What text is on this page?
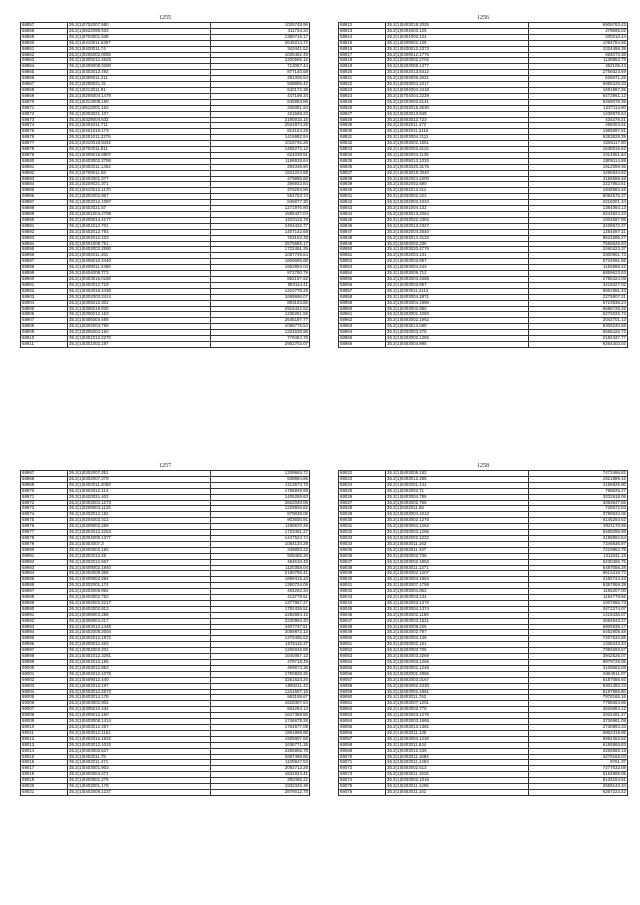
1255
68857	35.2(1)0702007.580	1025748.96
68858	35.2(1)0622099.533	411734.34
68859	35.2(1)0703001.538	1380716.17
68860	35.2(1)0410011.5367	2645214.72
68861	35.2(1)0420011.74	343441.52
68862	35.2(1)0206002.0086	1025492.49
68863	35.2(1)0309212.4625	2200696.16
68864	35.2(1)0409008.0280	713087.44
68865	35.2(1)0302013.492	877140.58
68866	35.2(1)0306011.211	281306.64
68867	35.2(1)0208021.31	938896.42
68868	35.2(1)0213011.91	640172.38
68869	35.2(1)0206004.1479	447199.34
68870	35.2(1)0312009.165	645994.86
68871	35.2(1)0612001.162	346391.94
68872	35.2(1)0303021.107	421668.23
68873	35.2(1)0329004.632	2190016.15
68874	35.2(1)0404011.711	2824874.29
68875	35.2(1)0401019.173	814154.29
68876	35.2(1)0201011.3276	1416682.94
68877	35.2(1)0410019.9442	1018745.25
68878	35.2(1)0702011.911	1455272.12
68879	35.2(1)0309015.6807	624338.91
68880	35.2(1)0403002.2786	1168628.64
68881	35.2(1)0402011.1452	294348.90
68882	35.2(1)0709011.68	1841224.69
68883	35.2(1)0402001.377	479896.86
68884	35.2(1)0209021.371	296932.84
68885	35.2(1)0410012.1170	376294.96
68886	35.2(1)0302002.967	554753.74
68887	35.2(1)0302012.1087	845977.30
68888	35.2(1)0403021.57	1271976.80
68889	35.2(1)0301004.2799	1585427.04
68890	35.2(1)0409014.4177	1020118.78
68891	35.2(1)0401012.701	2404422.77
68892	35.2(1)0402012.793	1407142.68
68893	35.2(1)0304012.103	763162.38
68894	35.2(1)0401009.751	2575665.17
68895	35.2(1)0403002.2590	1722491.35
68896	35.2(1)0404011.461	1057749.64
68897	35.2(1)0408010.4440	1609695.88
68898	35.2(1)0409011.2458	1662994.04
68899	35.2(1)0404009.773	972790.79
68900	35.2(1)0403016.0180	862197.92
68901	35.2(1)0402012.719	883114.41
68902	35.2(1)0302015.4430	1210778.25
68903	35.2(1)0302003.2414	1699696.07
68904	35.2(1)0305012.302	893163.86
68905	35.2(1)0306019.930	2915442.52
68906	35.2(1)0306012.163	1236251.59
68907	35.2(1)0306004.469	2645197.77
68908	35.2(1)0304004.759	1096775.54
68909	35.2(1)0305004.160	1324539.95
68910	35.2(1)0401012.2270	779484.79
68911	35.2(1)0301002.197	2952703.07
1256
68912	35.2(1)0403018.2026	6909783.43
68913	35.2(1)0404003.125	279695.02
68914	35.2(1)0401003.124	200210.44
68915	35.2(1)0409002.129	1094784.56
68916	35.2(1)0420012.2373	1024496.39
68917	35.2(1)0409012.1775	694073.38
68918	35.2(1)0403002.2702	1138863.79
68919	35.2(1)0403006.1377	352106.43
68920	35.2(1)0402013.5412	2756023.69
68921	35.2(1)0403006.2621	626871.28
68922	35.2(1)0403004.2317	6955229.33
68923	35.2(1)0404004.2418	1691987.25
68924	35.2(1)0704004.2229	6472961.13
68925	35.2(1)0403002.5141	6269078.39
68926	35.2(1)0403016.2530	1237114.80
68927	35.2(1)0403013.949	1438979.54
68928	35.2(1)0403013.723	434376.21
68929	35.2(1)0402011.472	468304.61
68930	35.2(1)0402011.2115	1955597.61
68931	35.2(1)0403004.2111	6263828.39
68932	35.2(1)0403002.1561	3296117.80
68933	35.2(1)0402003.4116	1538016.63
68934	35.2(1)0403004.1135	1014951.64
68935	35.2(1)0405013.1332	2809114.69
68936	35.2(1)0403020.3176	1912069.36
68937	35.2(1)0403018.3040	4286934.83
68938	35.2(1)0402024.2200	4156596.48
68939	35.2(1)0402002.690	2227862.61
68940	35.2(1)0402013.411	1846994.46
68941	35.2(1)0403002.422	6094575.37
68942	35.2(1)0402003.1034	2216001.34
68943	35.2(1)0401004.132	1384084.13
68944	35.2(1)0403013.2064	6244924.34
68945	35.2(1)0403022.2383	1004597.85
68946	35.2(1)0403013.2327	3428672.37
68947	35.2(1)0402004.2540	1254597.21
68948	35.2(1)0403014.3123	8624595.27
68949	35.2(1)0403002.336	7565626.93
68950	35.2(1)0403020.4776	2460423.37
68951	35.2(1)0402004.131	3300961.73
68952	35.2(1)0403003.897	6724091.66
68953	35.2(1)0403004.243	1166988.42
68954	35.2(1)0403009.712	6859623.63
68955	35.2(1)0403003.4356	2786324.09
68956	35.2(1)0403003.897	3418427.02
68957	35.2(1)0403011.2112	6561991.43
68958	35.2(1)0403004.2871	2275907.21
68959	35.2(1)0403004.1996	6723936.24
68960	35.2(1)0403002.880	6686725.29
68961	35.2(1)0403001.4283	6276026.73
68962	35.2(1)0403002.1962	2042701.13
68963	35.2(1)0403013.689	6305240.68
68964	35.2(1)0403003.475	5566426.72
68965	35.2(1)0403002.1265	2182437.77
68966	35.2(1)0403004.996	9264402.03
1257
68967	35.2(1)0302007.351	1339693.72
68968	35.2(1)0302007.279	938984.86
68969	35.2(1)0402011.2069	2113673.79
68970	35.2(1)0302012.114	1786849.98
68971	35.2(1)0420021.402	1406259.63
68972	35.2(1)0403004.1273	2602040.06
68973	35.2(1)0209003.1126	1229946.82
68974	35.2(1)0403012.182	879838.08
68975	35.2(1)0204002.312	903600.91
68976	35.2(1)0409002.259	1190670.28
68977	35.2(1)0304012.2253	1723491.27
68978	35.2(1)0304009.1377	1447524.74
68979	35.2(1)0303007.3	1084134.29
68980	35.2(1)0403002.192	345893.22
68981	35.2(1)0302012.49	925465.26
68982	35.2(1)0302012.667	494610.49
68983	35.2(1)0409002.1940	1120358.04
68984	35.2(1)0403009.368	2190796.41
68985	35.2(1)0409003.494	1859415.33
68986	35.2(1)0302001.174	1390734.05
68987	35.2(1)0203009.992	464262.34
68988	35.2(1)0403002.752	413778.51
68989	35.2(1)0302002.2217	1377967.27
68990	35.2(1)0402002.813	1792426.51
68991	35.2(1)0409004.258	2282694.15
68992	35.2(1)0305004.217	2230894.20
68993	35.2(1)0403012.1448	4407747.51
68994	35.2(1)0402008.2004	2059872.13
68995	35.2(1)0302012.1872	1378495.52
68996	35.2(1)0409012.463	1676116.37
68997	35.2(1)0302003.201	1265046.89
68998	35.2(1)0301012.3281	1640067.13
68999	35.2(1)0402012.155	479718.49
69000	35.2(1)0403012.953	469974.35
69001	35.2(1)0404012.1079	1790828.25
69002	35.2(1)0409012.440	3261624.26
69003	35.2(1)0402012.197	1890211.42
69004	35.2(1)0403012.2673	1241697.15
69005	35.2(1)0403014.178	963198.67
69006	35.2(1)0403002.902	1628307.64
69007	35.2(1)0305010.434	654264.14
69008	35.2(1)0409012.160	1647388.86
69009	35.2(1)0403008.1414	1746679.28
69010	35.2(1)0403012.457	1764577.09
69011	35.2(1)0403012.1161	1861998.98
69012	35.2(1)0402012.1822	1905907.68
69013	35.2(1)0403012.1015	1636771.35
69014	35.2(1)0403002.537	2265906.78
69015	35.2(1)0402011.78	2687498.85
69016	35.2(1)0402011.471	1109947.53
69017	35.2(1)0403001.903	2092712.28
69018	35.2(1)0403004.471	1831934.41
69019	35.2(1)0403001.279	290466.22
69020	35.2(1)0403001.179	1932345.39
69021	35.2(1)0402009.1237	2879012.79
1258
69022	35.2(1)0403009.182	7473496.82
69023	35.2(1)0403012.285	1921889.16
69024	35.2(1)0402001.141	4158926.90
69025	35.2(1)0403002.71	796825.27
69026	35.2(1)0403004.785	3332618.06
69027	35.2(1)0403002.765	3083947.66
69028	35.2(1)0402011.65	725972.03
69029	35.2(1)0403004.1013	3799834.06
69030	35.2(1)0403002.1275	6145293.62
69031	35.2(1)0403004.1262	3021170.99
69032	35.2(1)0403003.1295	9469296.98
69033	35.2(1)0402002.1222	4198984.54
69034	35.2(1)0403011.163	7346936.97
69035	35.2(1)0403011.107	7219962.79
69036	35.2(1)0403002.736	1311041.15
69037	35.2(1)0403002.1863	6230465.75
69038	35.2(1)0403011.1371	6487056.38
69039	35.2(1)0403002.1207	9613419.73
69040	35.2(1)0403004.1864	3182744.43
69041	35.2(1)0403007.1759	6367959.39
69042	35.2(1)0403004.962	1165207.00
69043	35.2(1)0403003.134	1154778.66
69044	35.2(1)0403003.1372	1007966.73
69045	35.2(1)0403004.1374	3472374.07
69046	35.2(1)0403002.1158	1419436.07
69047	35.2(1)0403003.1521	2684843.27
69048	35.2(1)0403009.225	6805936.17
69049	35.2(1)0403002.797	6462908.48
69050	35.2(1)0402004.138	7207634.66
69051	35.2(1)0403002.161	1336243.34
69052	35.2(1)0403003.706	7359293.67
69053	35.2(1)0403003.3269	3942525.07
69054	35.2(1)0402003.1266	9979726.06
69055	35.2(1)0403002.1248	3108683.08
69056	35.2(1)0402001.4966	9464911.97
69057	35.2(1)0402003.3167	6187086.93
69058	35.2(1)0403002.4330	6301493.23
69059	35.2(1)0403002.1961	8197866.80
69060	35.2(1)0403011.762	7978165.16
69061	35.2(1)0403007.1201	7795063.96
69062	35.2(1)0403002.778	3526884.12
69063	35.2(1)0403003.1276	2024491.27
69064	35.2(1)0403003.1965	3726981.09
69065	35.2(1)0403013.1381	2730893.33
69066	35.2(1)0403011.135	6802415.96
69067	35.2(1)0403004.1230	9954363.62
69068	35.2(1)0403011.844	6168965.83
69069	35.2(1)0403012.439	3266569.19
69070	35.2(1)0403011.1684	4279165.03
69071	35.2(1)0403011.1463	9761.37
69072	35.2(1)0403002.613	7277632.08
69073	35.2(1)0403011.1615	6164685.05
69074	35.2(1)0403002.1016	8133164.61
69075	35.2(1)0403011.1206	2668143.34
69076	35.2(1)0403011.151	6267222.42
